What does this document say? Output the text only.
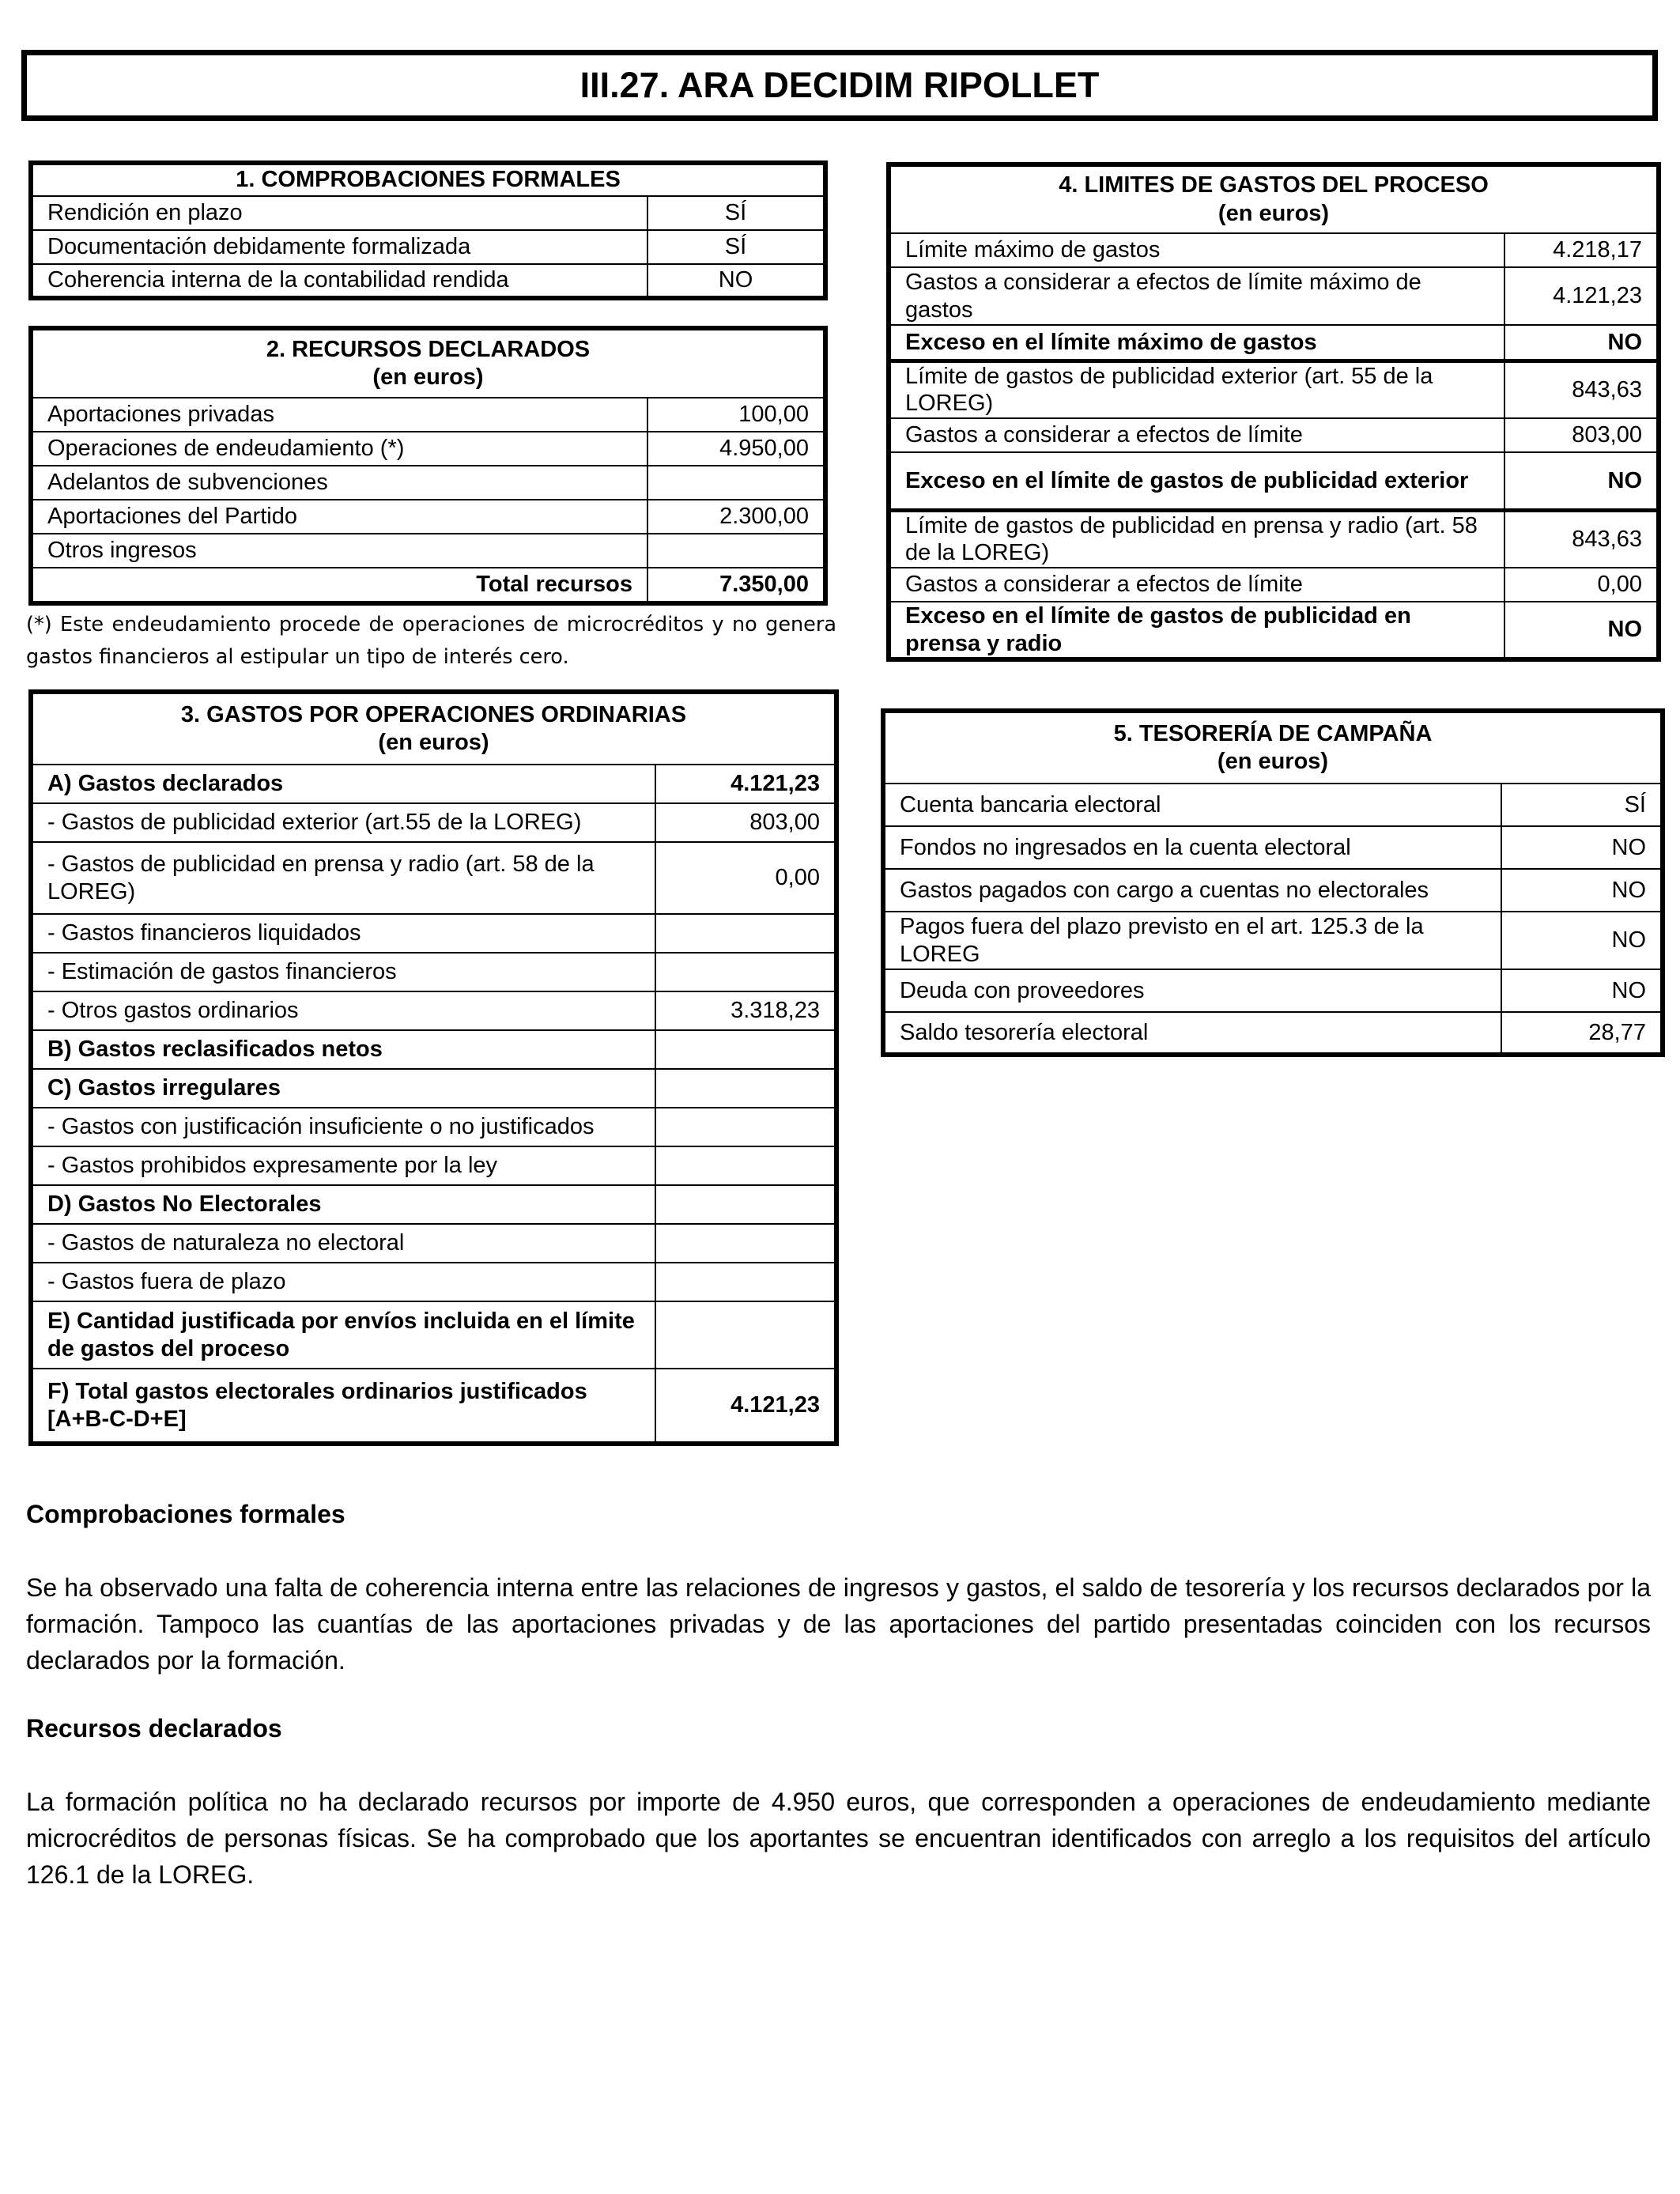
III.27. ARA DECIDIM RIPOLLET
1. COMPROBACIONES FORMALES	
Rendición en plazo	SÍ
Documentación debidamente formalizada	SÍ
Coherencia interna de la contabilidad rendida	NO
2. RECURSOS DECLARADOS
(en euros)	
Aportaciones privadas	100,00
Operaciones de endeudamiento (*)	4.950,00
Adelantos de subvenciones	
Aportaciones del Partido	2.300,00
Otros ingresos	
Total recursos	7.350,00
(*) Este endeudamiento procede de operaciones de microcréditos y no genera gastos financieros al estipular un tipo de interés cero.
3. GASTOS POR OPERACIONES ORDINARIAS
(en euros)	
A) Gastos declarados	4.121,23
- Gastos de publicidad exterior (art.55 de la LOREG)	803,00
- Gastos de publicidad en prensa y radio (art. 58 de la LOREG)	0,00
- Gastos financieros liquidados	
- Estimación de gastos financieros	
- Otros gastos ordinarios	3.318,23
B) Gastos reclasificados netos	
C) Gastos irregulares	
- Gastos con justificación insuficiente o no justificados	
- Gastos prohibidos expresamente por la ley	
D) Gastos No Electorales	
- Gastos de naturaleza no electoral	
- Gastos fuera de plazo	
E) Cantidad justificada por envíos incluida en el límite de gastos del proceso	
F) Total gastos electorales ordinarios justificados [A+B-C-D+E]	4.121,23
4. LIMITES DE GASTOS DEL PROCESO
(en euros)	
Límite máximo de gastos	4.218,17
Gastos a considerar a efectos de límite máximo de gastos	4.121,23
Exceso en el límite máximo de gastos	NO
Límite de gastos de publicidad exterior (art. 55 de la LOREG)	843,63
Gastos a considerar a efectos de límite	803,00
Exceso en el límite de gastos de publicidad exterior	NO
Límite de gastos de publicidad en prensa y radio (art. 58 de la LOREG)	843,63
Gastos a considerar a efectos de límite	0,00
Exceso en el límite de gastos de publicidad en prensa y radio	NO
5. TESORERÍA DE CAMPAÑA
(en euros)	
Cuenta bancaria electoral	SÍ
Fondos no ingresados en la cuenta electoral	NO
Gastos pagados con cargo a cuentas no electorales	NO
Pagos fuera del plazo previsto en el art. 125.3 de la LOREG	NO
Deuda con proveedores	NO
Saldo tesorería electoral	28,77
Comprobaciones formales
Se ha observado una falta de coherencia interna entre las relaciones de ingresos y gastos, el saldo de tesorería y los recursos declarados por la formación. Tampoco las cuantías de las aportaciones privadas y de las aportaciones del partido presentadas coinciden con los recursos declarados por la formación.
Recursos declarados
La formación política no ha declarado recursos por importe de 4.950 euros, que corresponden a operaciones de endeudamiento mediante microcréditos de personas físicas. Se ha comprobado que los aportantes se encuentran identificados con arreglo a los requisitos del artículo 126.1 de la LOREG.
